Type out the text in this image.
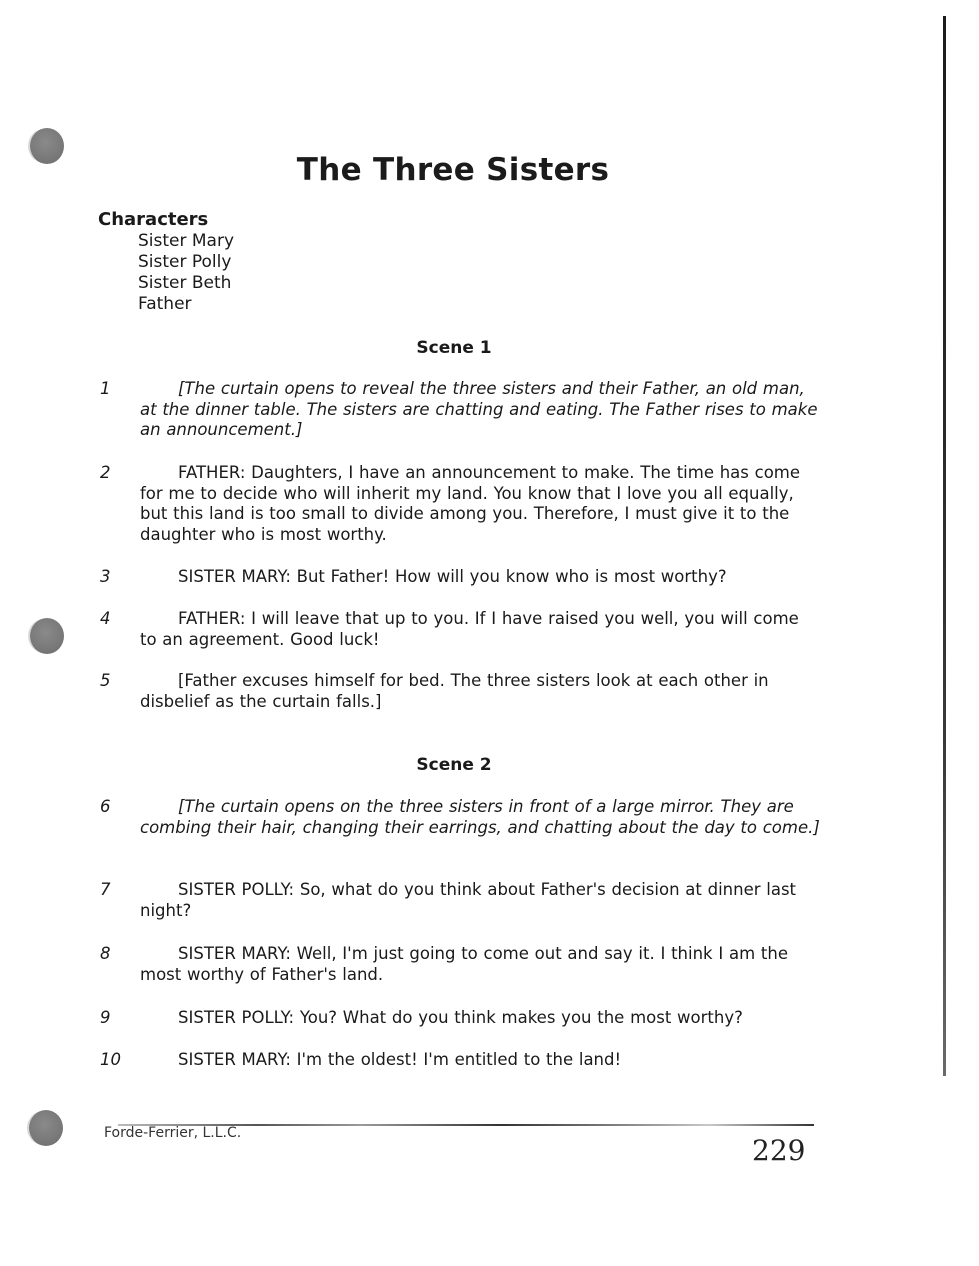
The Three Sisters
Characters
Sister Mary
Sister Polly
Sister Beth
Father
Scene 1
1	[The curtain opens to reveal the three sisters and their Father, an old man, at the dinner table. The sisters are chatting and eating. The Father rises to make an announcement.]
2	FATHER: Daughters, I have an announcement to make. The time has come for me to decide who will inherit my land. You know that I love you all equally, but this land is too small to divide among you. Therefore, I must give it to the daughter who is most worthy.
3	SISTER MARY: But Father! How will you know who is most worthy?
4	FATHER: I will leave that up to you. If I have raised you well, you will come to an agreement. Good luck!
5	[Father excuses himself for bed. The three sisters look at each other in disbelief as the curtain falls.]
Scene 2
6	[The curtain opens on the three sisters in front of a large mirror. They are combing their hair, changing their earrings, and chatting about the day to come.]
7	SISTER POLLY: So, what do you think about Father's decision at dinner last night?
8	SISTER MARY: Well, I'm just going to come out and say it. I think I am the most worthy of Father's land.
9	SISTER POLLY: You? What do you think makes you the most worthy?
10	SISTER MARY: I'm the oldest! I'm entitled to the land!
Forde-Ferrier, L.L.C.
229
